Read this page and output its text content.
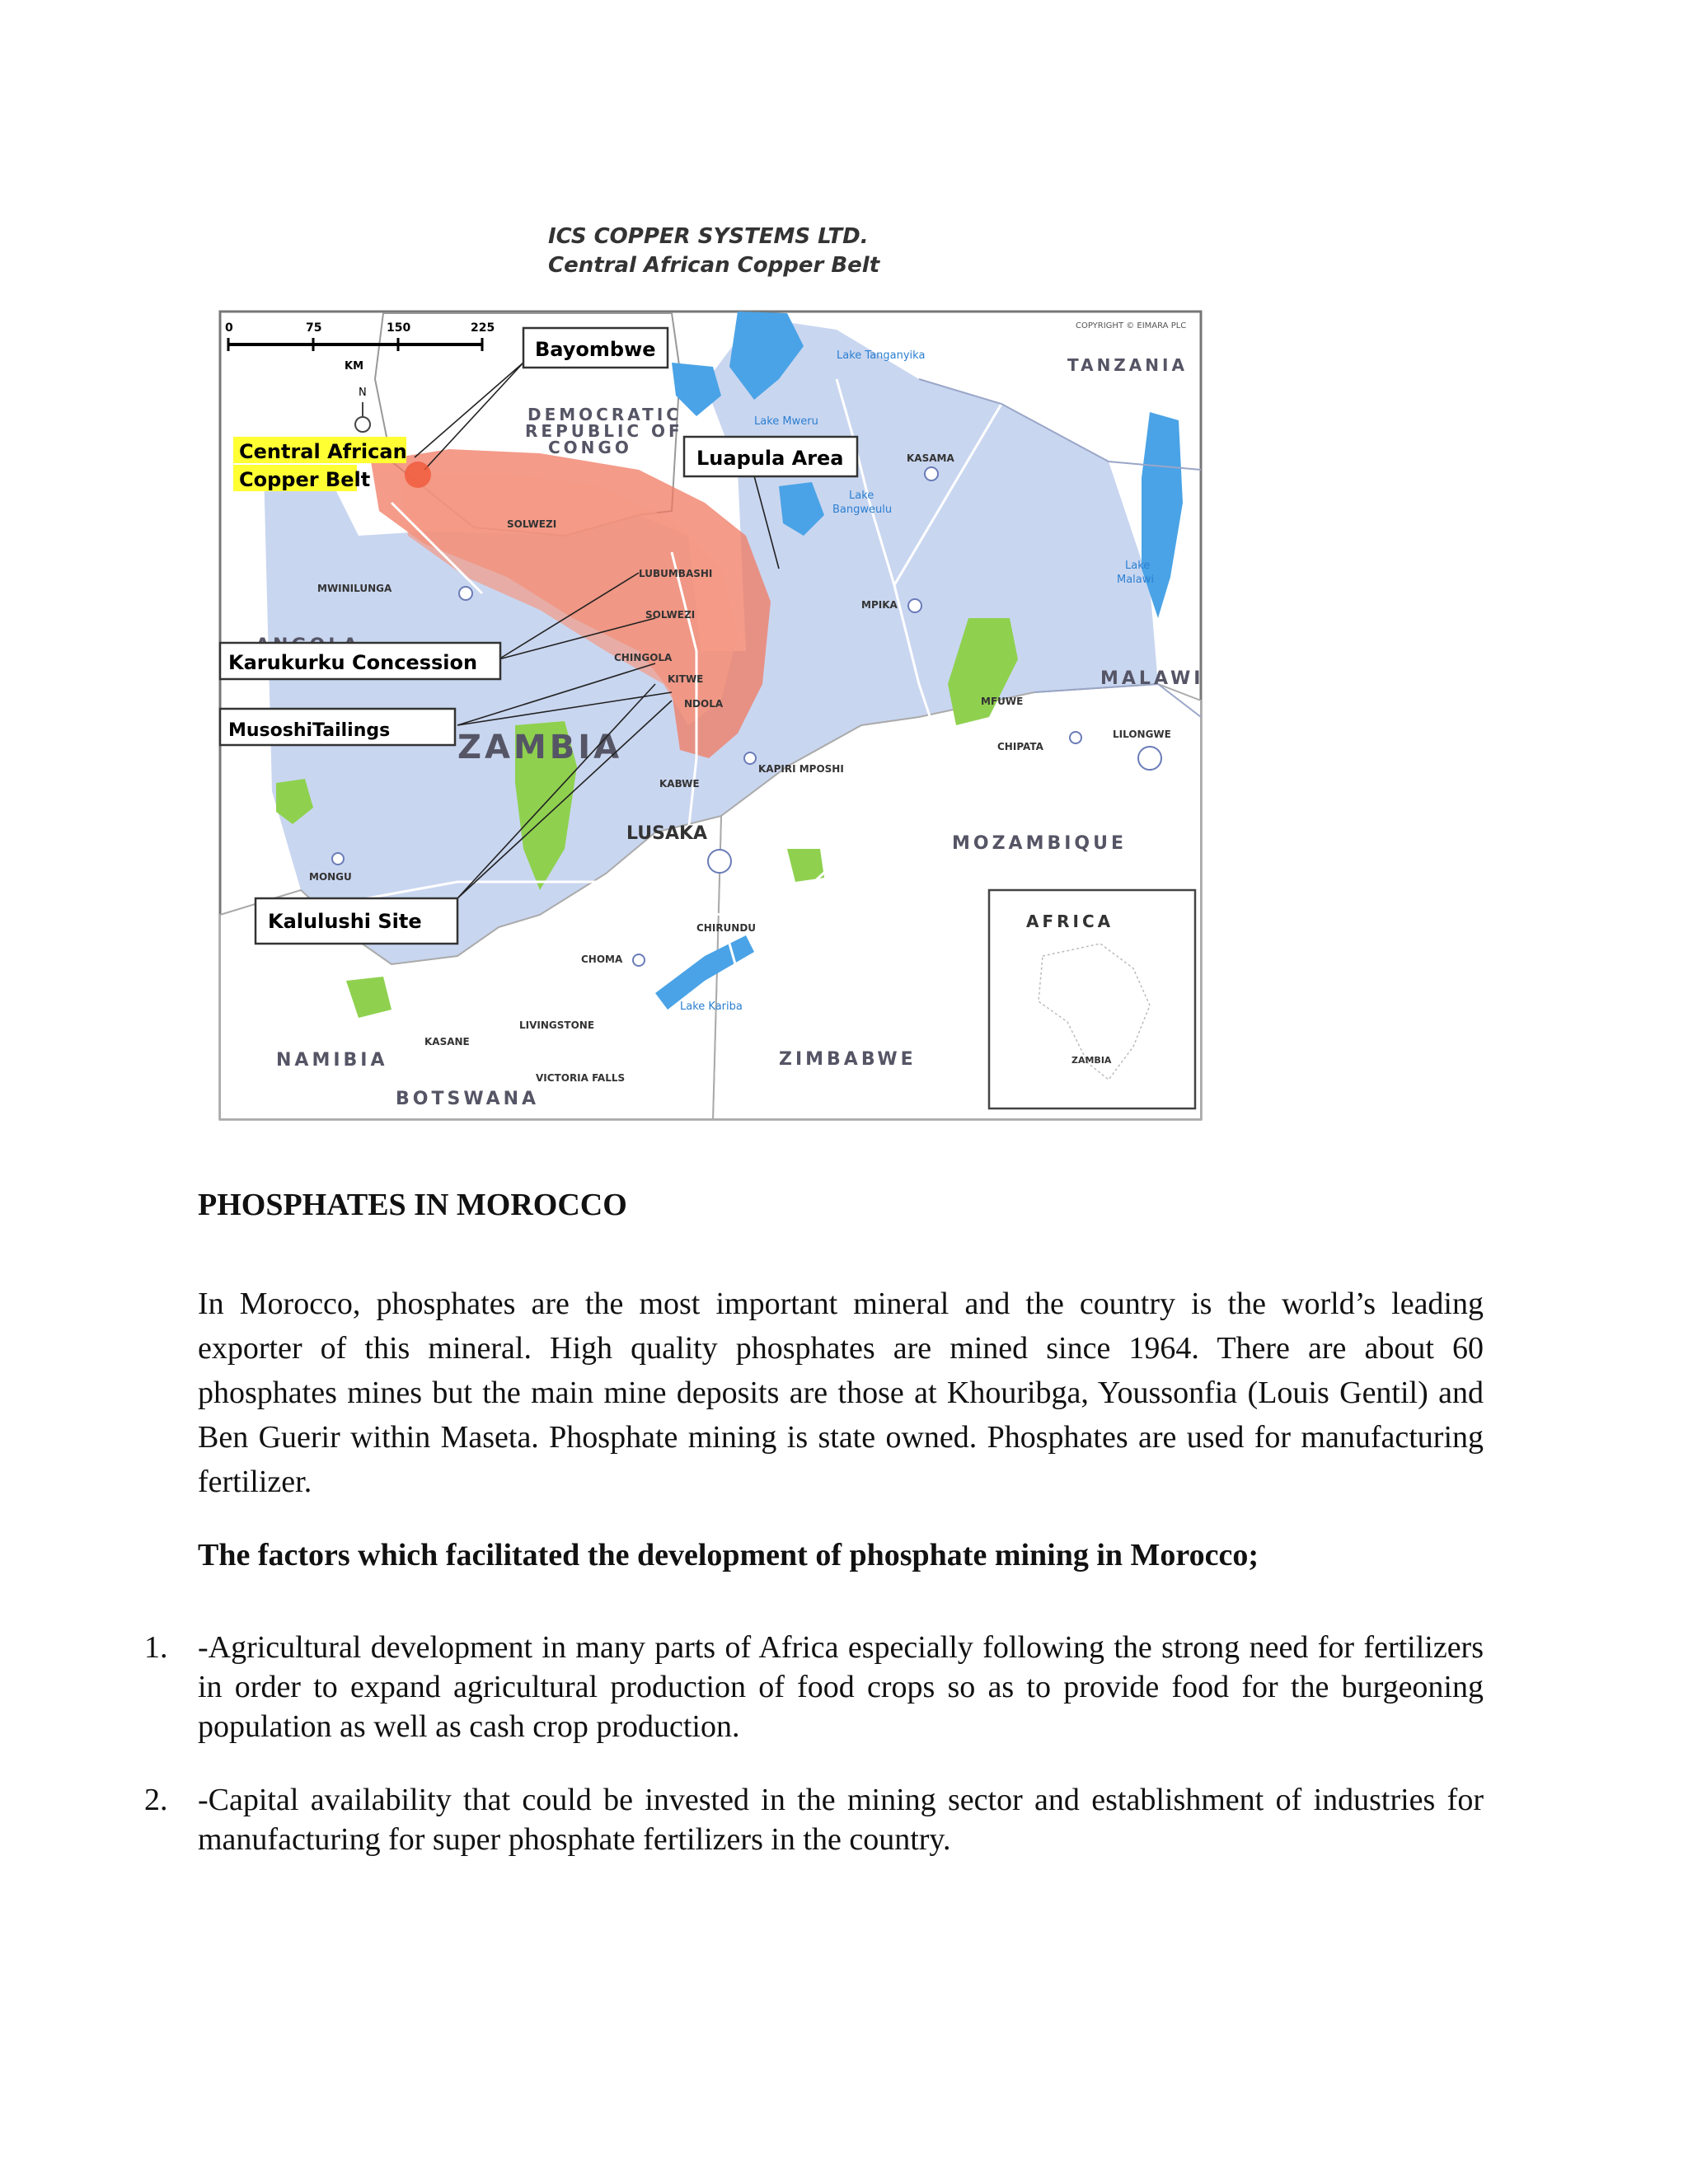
ICS COPPER SYSTEMS LTD.
Central African Copper Belt
0	75	150	225
KM
N
COPYRIGHT © EIMARA PLC
DEMOCRATIC
REPUBLIC OF
CONGO
TANZANIA
ZAMBIA
MALAWI
MOZAMBIQUE
NAMIBIA
BOTSWANA
ZIMBABWE
Lake Tanganyika
Lake Mweru
Lake
Bangweulu
Lake
Malawi
Lake Kariba
MWINILUNGA
SOLWEZI
LUBUMBASHI
SOLWEZI
CHINGOLA
KITWE
NDOLA
KASAMA
MPIKA
MFUWE
CHIPATA
LILONGWE
KAPIRI MPOSHI
KABWE
LUSAKA
MONGU
CHIRUNDU
CHOMA
LIVINGSTONE
KASANE
VICTORIA FALLS
Bayombwe
Central African
Copper Belt
Luapula Area
Karukurku Concession
MusoshiTailings
Kalulushi Site	AFRICA
ZAMBIA
PHOSPHATES IN MOROCCO

In Morocco, phosphates are the most important mineral and the country is the world’s leading exporter of this mineral. High quality phosphates are mined since 1964. There are about 60 phosphates mines but the main mine deposits are those at Khouribga, Youssonfia (Louis Gentil) and Ben Guerir within Maseta. Phosphate mining is state owned. Phosphates are used for manufacturing fertilizer.

The factors which facilitated the development of phosphate mining in Morocco;
1. -Agricultural development in many parts of Africa especially following the strong need for fertilizers in order to expand agricultural production of food crops so as to provide food for the burgeoning population as well as cash crop production.
2. -Capital availability that could be invested in the mining sector and establishment of industries for manufacturing for super phosphate fertilizers in the country.
